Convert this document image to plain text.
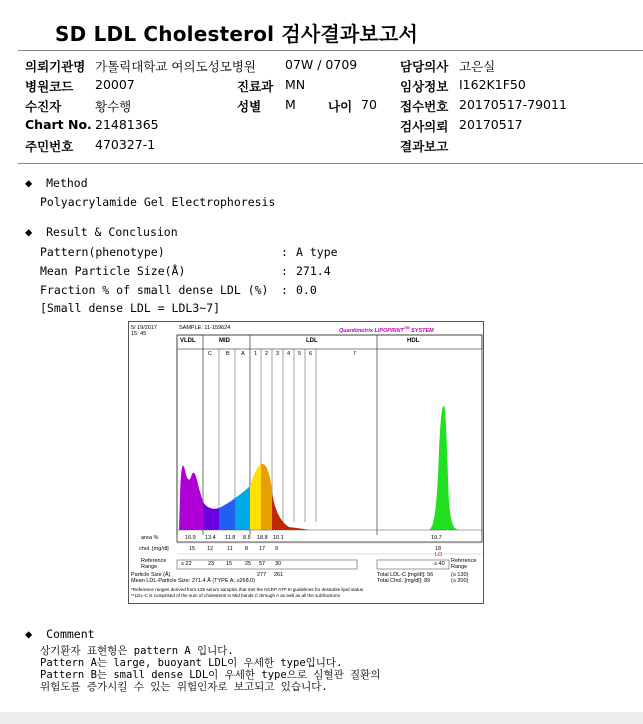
SD LDL Cholesterol 검사결과보고서
의뢰기관명 가톨릭대학교 여의도성모병원 07W / 0709	담당의사 고은실
병원코드 20007	진료과 MN	임상정보 I162K1F50
수진자	황수행	성별 M	나이 70 접수번호 20170517-79011
Chart No. 21481365	검사의뢰 20170517
주민번호 470327-1	결과보고
◆ Method
Polyacrylamide Gel Electrophoresis
◆ Result & Conclusion
Pattern(phenotype)	: A type
Mean Particle Size(Å)	: 271.4
Fraction % of small dense LDL (%) : 0.0
[Small dense LDL = LDL3~7]
5/ 19/2017
15: 45
SAMPLE: 11-159624	Quantimetrix LIPOPRINT™ SYSTEM
VLDL	MID	LDL	HDL
C	B A 1 2 3 4 5 6	7
area %	16.9 13.4 11.8 8.5 18.8 10.1	19.7
chol. [mg/dl]	15 12	11 8 17 9	18
LO
Reference Range	≤ 22	23 15 25 57 30	≥ 40 Reference Range
Particle Size (Å)	277 261
Mean LDL-Particle Size: 271.4 Å (TYPE A; ≥268.0)
Total LDL-C [mg/dl]: 56	(≤ 130)
Total Chol. [mg/dl]: 89	(≤ 200)
*Reference ranges derived from 125 serum samples that met the NCEP ATP III guidelines for desirable lipid status
**LDL-C is comprised of the sum of cholesterol in Mid bands C through A as well as all the subfractions
◆ Comment
상기환자 표현형은 pattern A 입니다.
Pattern A는 large, buoyant LDL이 우세한 type입니다.
Pattern B는 small dense LDL이 우세한 type으로 심혈관 질환의
위험도를 증가시킬 수 있는 위험인자로 보고되고 있습니다.
